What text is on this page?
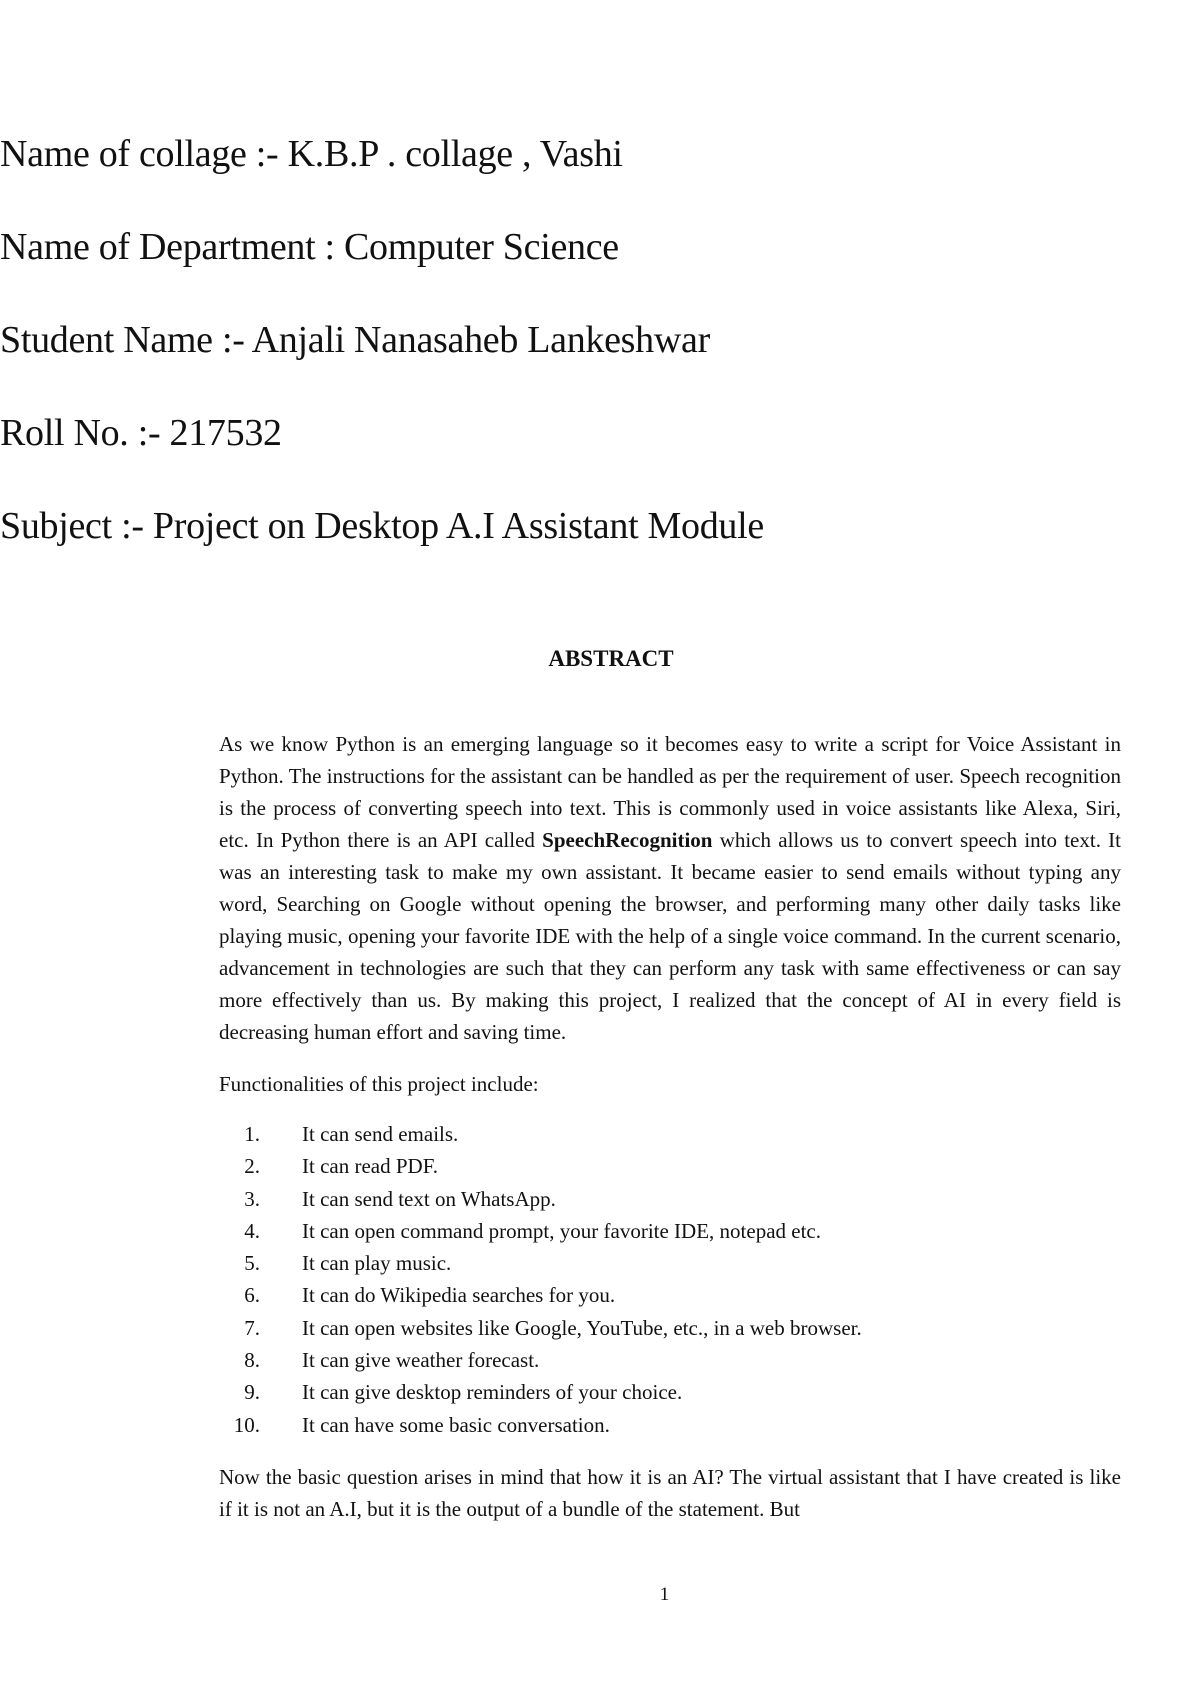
Name of collage :- K.B.P . collage , Vashi
Name of Department : Computer Science
Student Name :- Anjali Nanasaheb Lankeshwar
Roll No. :- 217532
Subject :- Project on Desktop A.I Assistant Module
ABSTRACT

As we know Python is an emerging language so it becomes easy to write a script for Voice Assistant in Python. The instructions for the assistant can be handled as per the requirement of user. Speech recognition is the process of converting speech into text. This is commonly used in voice assistants like Alexa, Siri, etc. In Python there is an API called SpeechRecognition which allows us to convert speech into text. It was an interesting task to make my own assistant. It became easier to send emails without typing any word, Searching on Google without opening the browser, and performing many other daily tasks like playing music, opening your favorite IDE with the help of a single voice command. In the current scenario, advancement in technologies are such that they can perform any task with same effectiveness or can say more effectively than us. By making this project, I realized that the concept of AI in every field is decreasing human effort and saving time.

Functionalities of this project include:

1. It can send emails.
2. It can read PDF.
3. It can send text on WhatsApp.
4. It can open command prompt, your favorite IDE, notepad etc.
5. It can play music.
6. It can do Wikipedia searches for you.
7. It can open websites like Google, YouTube, etc., in a web browser.
8. It can give weather forecast.
9. It can give desktop reminders of your choice.
10. It can have some basic conversation.

Now the basic question arises in mind that how it is an AI? The virtual assistant that I have created is like if it is not an A.I, but it is the output of a bundle of the statement. But

1
